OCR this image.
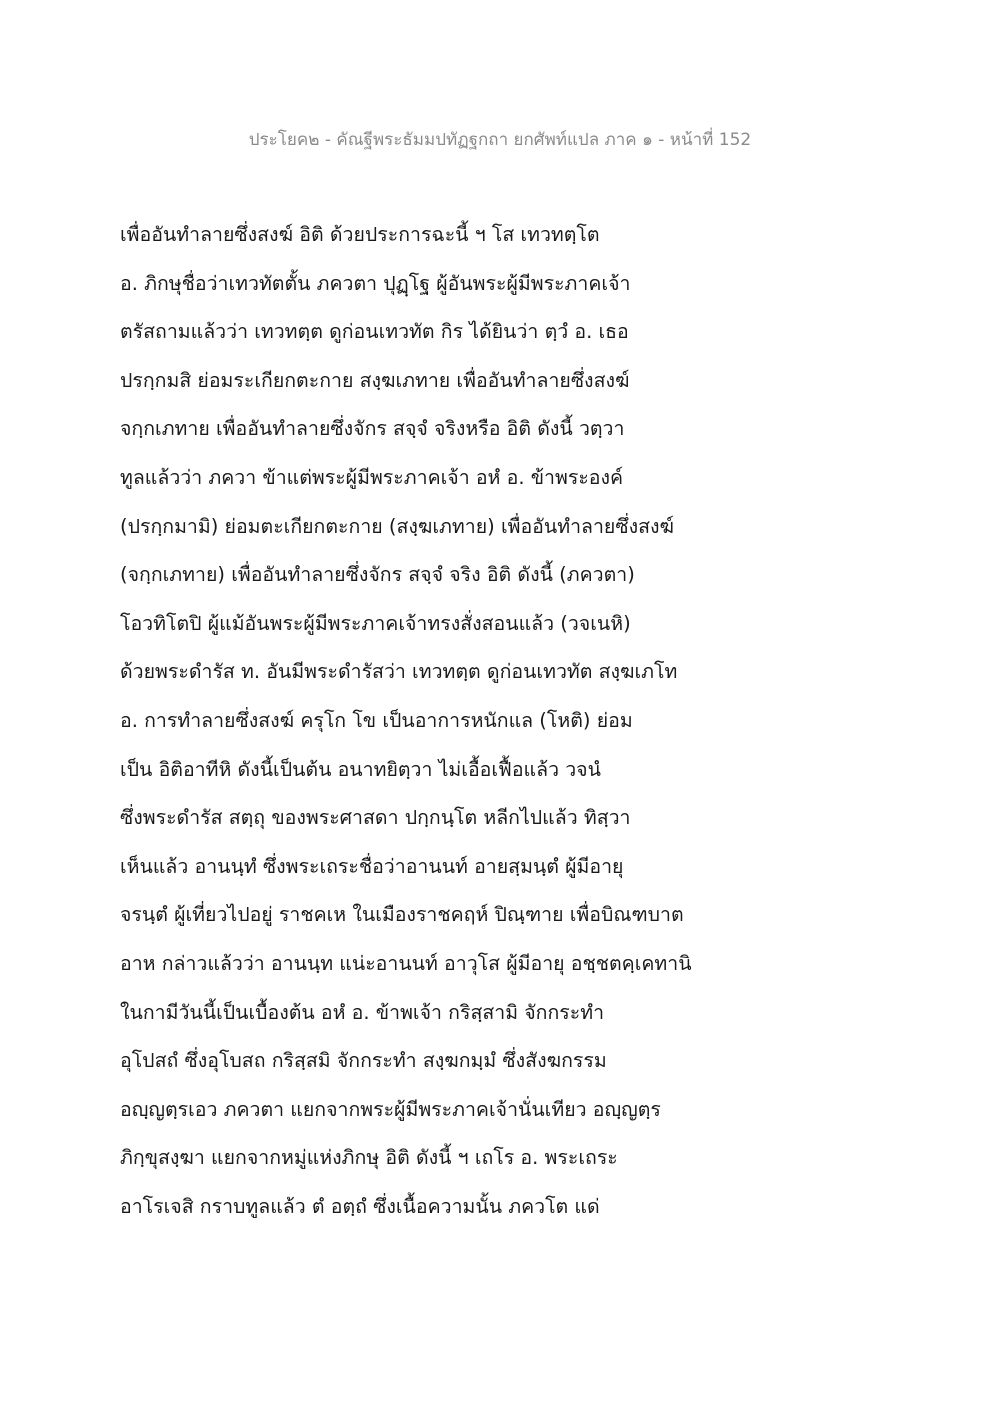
ประโยค๒ - คัณฐีพระธัมมปทัฏฐกถา ยกศัพท์แปล ภาค ๑ - หน้าที่ 152
เพื่ออันทำลายซึ่งสงฆ์ อิติ ด้วยประการฉะนี้ ฯ โส เทวทตฺโต
อ. ภิกษุชื่อว่าเทวทัตตั้น ภควตา ปุฏฺโฐ ผู้อันพระผู้มีพระภาคเจ้า
ตรัสถามแล้วว่า เทวทตฺต ดูก่อนเทวทัต กิร ได้ยินว่า ตฺวํ อ. เธอ
ปรกฺกมสิ ย่อมระเกียกตะกาย สงฺฆเภทาย เพื่ออันทำลายซึ่งสงฆ์
จกฺกเภทาย เพื่ออันทำลายซึ่งจักร สจฺจํ จริงหรือ อิติ ดังนี้ วตฺวา
ทูลแล้วว่า ภควา ข้าแต่พระผู้มีพระภาคเจ้า อหํ อ. ข้าพระองค์
(ปรกฺกมามิ) ย่อมตะเกียกตะกาย (สงฺฆเภทาย) เพื่ออันทำลายซึ่งสงฆ์
(จกฺกเภทาย) เพื่ออันทำลายซึ่งจักร สจฺจํ จริง อิติ ดังนี้ (ภควตา)
โอวทิโตปิ ผู้แม้อันพระผู้มีพระภาคเจ้าทรงสั่งสอนแล้ว (วจเนหิ)
ด้วยพระดำรัส ท. อันมีพระดำรัสว่า เทวทตฺต ดูก่อนเทวทัต สงฺฆเภโท
อ. การทำลายซึ่งสงฆ์ ครุโก โข เป็นอาการหนักแล (โหติ) ย่อม
เป็น อิติอาทีหิ ดังนี้เป็นต้น อนาทยิตฺวา ไม่เอื้อเฟื้อแล้ว วจนํ
ซึ่งพระดำรัส สตฺถุ ของพระศาสดา ปกฺกนฺโต หลีกไปแล้ว ทิสฺวา
เห็นแล้ว อานนฺทํ ซึ่งพระเถระชื่อว่าอานนท์ อายสฺมนฺตํ ผู้มีอายุ
จรนฺตํ ผู้เที่ยวไปอยู่ ราชคเห ในเมืองราชคฤห์ ปิณฺฑาย เพื่อบิณฑบาต
อาห กล่าวแล้วว่า อานนฺท แน่ะอานนท์ อาวุโส ผู้มีอายุ อชฺชตคฺเคทานิ
ในกามีวันนี้เป็นเบื้องต้น อหํ อ. ข้าพเจ้า กริสฺสามิ จักกระทำ
อุโปสถํ ซึ่งอุโบสถ กริสฺสมิ จักกระทำ สงฺฆกมฺมํ ซึ่งสังฆกรรม
อญฺญตฺรเอว ภควตา แยกจากพระผู้มีพระภาคเจ้านั่นเทียว อญฺญตฺร
ภิกฺขุสงฺฆา แยกจากหมู่แห่งภิกษุ อิติ ดังนี้ ฯ เถโร อ. พระเถระ
อาโรเจสิ กราบทูลแล้ว ตํ อตฺถํ ซึ่งเนื้อความนั้น ภควโต แด่
